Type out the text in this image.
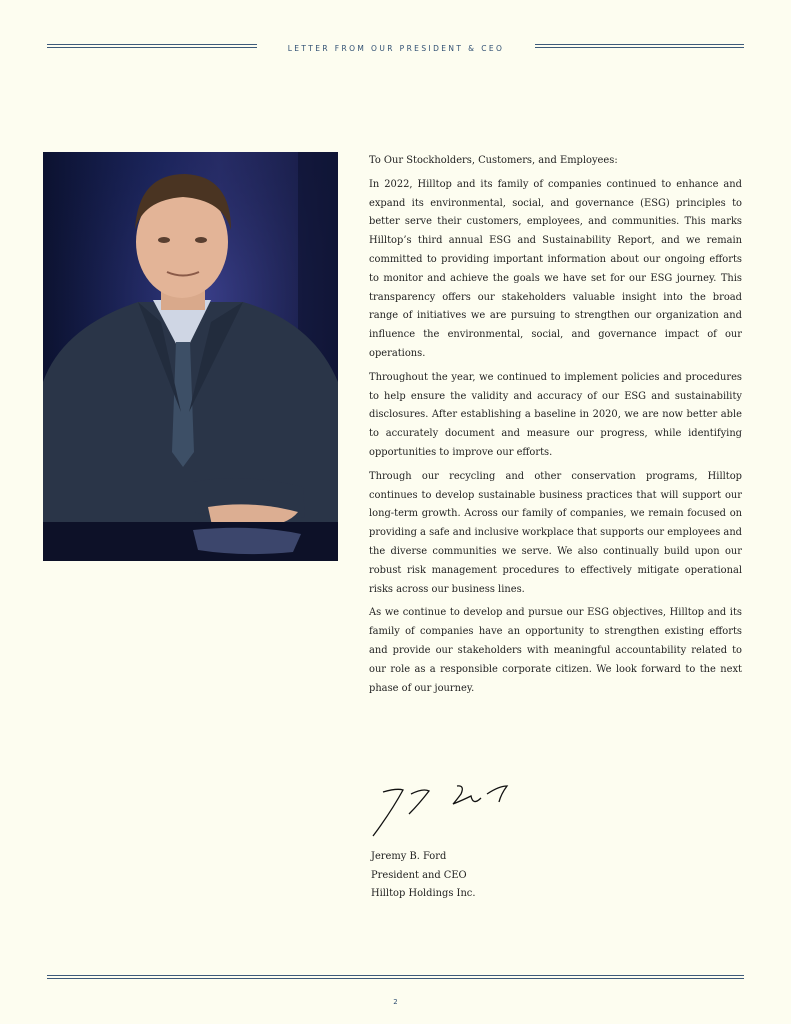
LETTER FROM OUR PRESIDENT & CEO

To Our Stockholders, Customers, and Employees:

In 2022, Hilltop and its family of companies continued to enhance and expand its environmental, social, and governance (ESG) principles to better serve their customers, employees, and communities. This marks Hilltop’s third annual ESG and Sustainability Report, and we remain committed to providing important information about our ongoing efforts to monitor and achieve the goals we have set for our ESG journey. This transparency offers our stakeholders valuable insight into the broad range of initiatives we are pursuing to strengthen our organization and influence the environmental, social, and governance impact of our operations.

Throughout the year, we continued to implement policies and procedures to help ensure the validity and accuracy of our ESG and sustainability disclosures. After establishing a baseline in 2020, we are now better able to accurately document and measure our progress, while identifying opportunities to improve our efforts.

Through our recycling and other conservation programs, Hilltop continues to develop sustainable business practices that will support our long-term growth. Across our family of companies, we remain focused on providing a safe and inclusive workplace that supports our employees and the diverse communities we serve. We also continually build upon our robust risk management procedures to effectively mitigate operational risks across our business lines.

As we continue to develop and pursue our ESG objectives, Hilltop and its family of companies have an opportunity to strengthen existing efforts and provide our stakeholders with meaningful accountability related to our role as a responsible corporate citizen. We look forward to the next phase of our journey.

Jeremy B. Ford
President and CEO
Hilltop Holdings Inc.
2
